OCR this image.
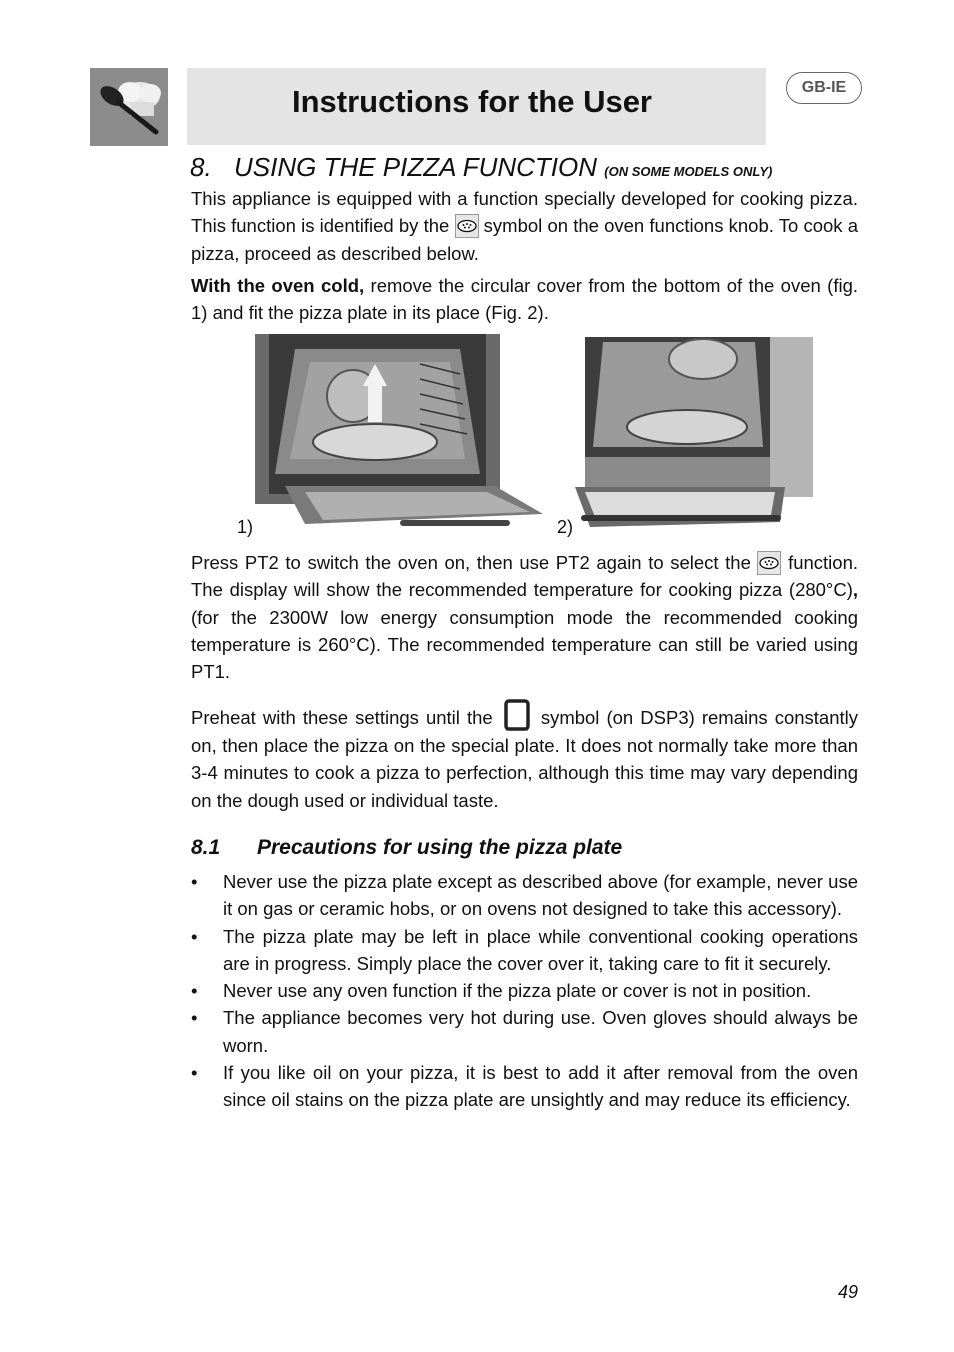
Instructions for the User	GB-IE
8. USING THE PIZZA FUNCTION (ON SOME MODELS ONLY)

This appliance is equipped with a function specially developed for cooking pizza. This function is identified by the  symbol on the oven functions knob. To cook a pizza, proceed as described below.

With the oven cold, remove the circular cover from the bottom of the oven (fig. 1) and fit the pizza plate in its place (Fig. 2).

1)	2)

Press PT2 to switch the oven on, then use PT2 again to select the  function. The display will show the recommended temperature for cooking pizza (280°C), (for the 2300W low energy consumption mode the recommended cooking temperature is 260°C). The recommended temperature can still be varied using PT1.

Preheat with these settings until the  symbol (on DSP3) remains constantly on, then place the pizza on the special plate. It does not normally take more than 3-4 minutes to cook a pizza to perfection, although this time may vary depending on the dough used or individual taste.

8.1 Precautions for using the pizza plate
• Never use the pizza plate except as described above (for example, never use it on gas or ceramic hobs, or on ovens not designed to take this accessory).
• The pizza plate may be left in place while conventional cooking operations are in progress. Simply place the cover over it, taking care to fit it securely.
• Never use any oven function if the pizza plate or cover is not in position.
• The appliance becomes very hot during use. Oven gloves should always be worn.
• If you like oil on your pizza, it is best to add it after removal from the oven since oil stains on the pizza plate are unsightly and may reduce its efficiency.
49
